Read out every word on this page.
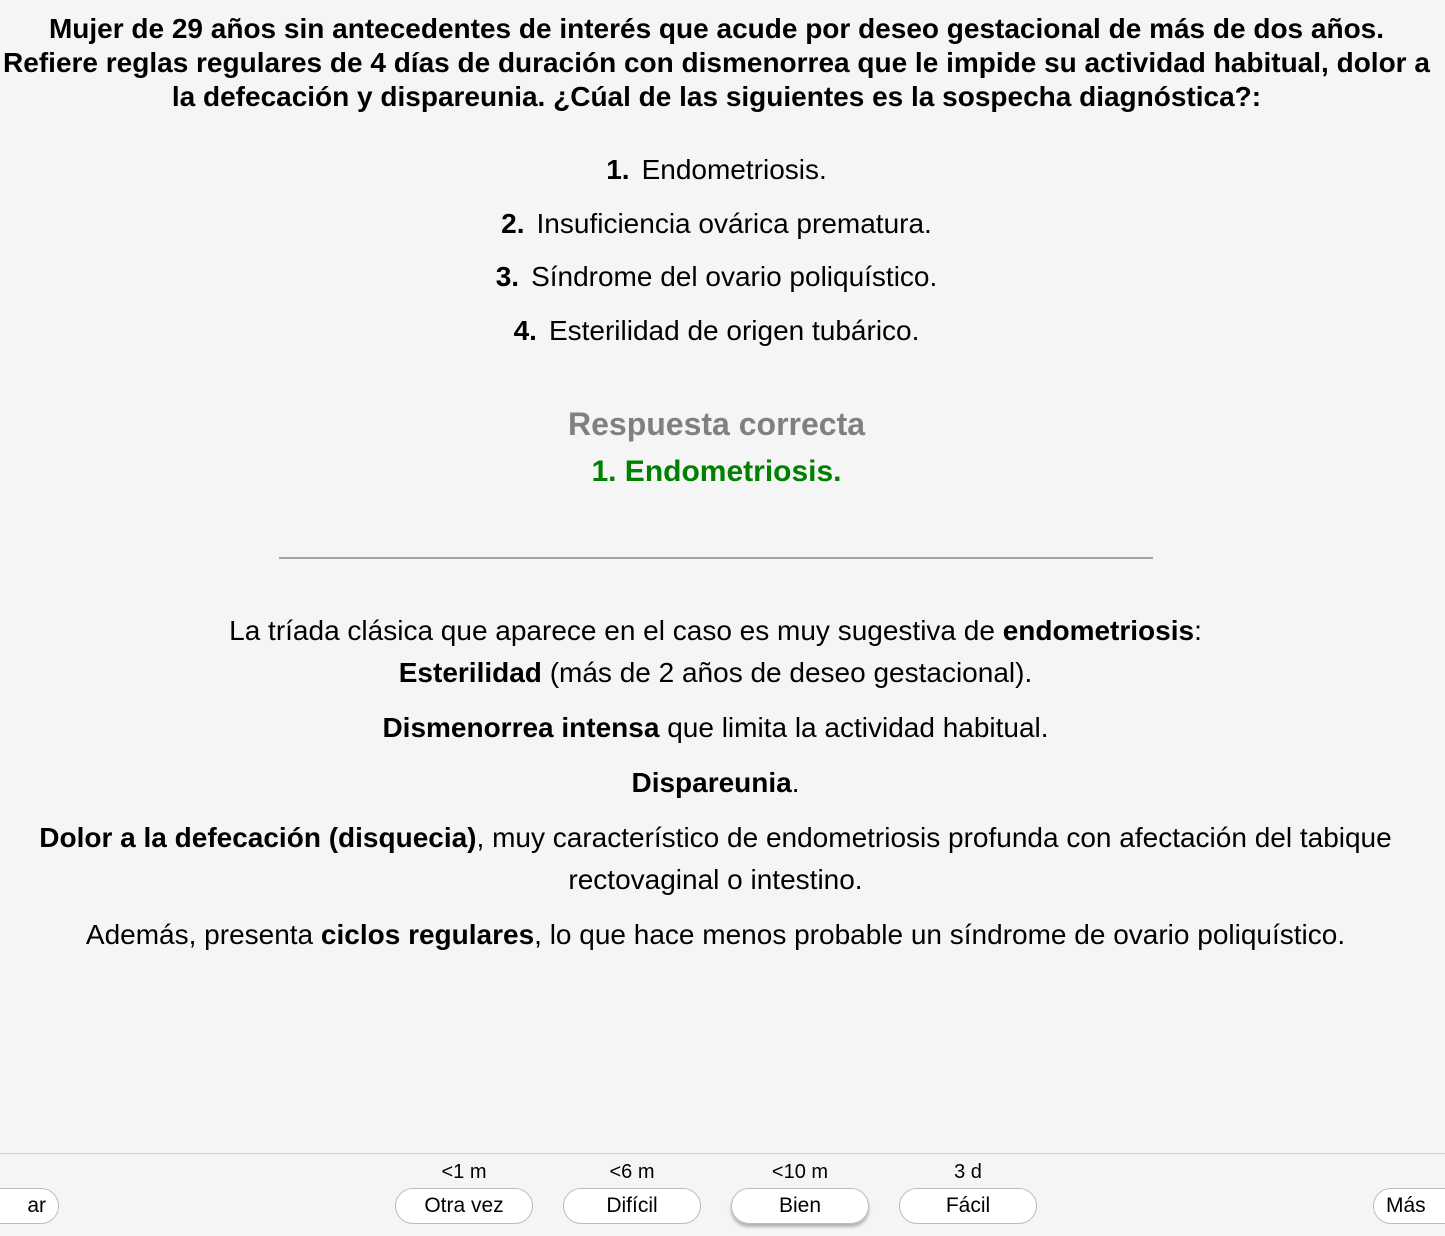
Mujer de 29 años sin antecedentes de interés que acude por deseo gestacional de más de dos años. Refiere reglas regulares de 4 días de duración con dismenorrea que le impide su actividad habitual, dolor a la defecación y dispareunia. ¿Cúal de las siguientes es la sospecha diagnóstica?:

1. Endometriosis.
2. Insuficiencia ovárica prematura.
3. Síndrome del ovario poliquístico.
4. Esterilidad de origen tubárico.

Respuesta correcta

1. Endometriosis.

La tríada clásica que aparece en el caso es muy sugestiva de endometriosis:

Esterilidad (más de 2 años de deseo gestacional).

Dismenorrea intensa que limita la actividad habitual.

Dispareunia.

Dolor a la defecación (disquecia), muy característico de endometriosis profunda con afectación del tabique rectovaginal o intestino.

Además, presenta ciclos regulares, lo que hace menos probable un síndrome de ovario poliquístico.

ar
<1 m
Otra vez
<6 m
Difícil
<10 m
Bien
3 d
Fácil	Más
